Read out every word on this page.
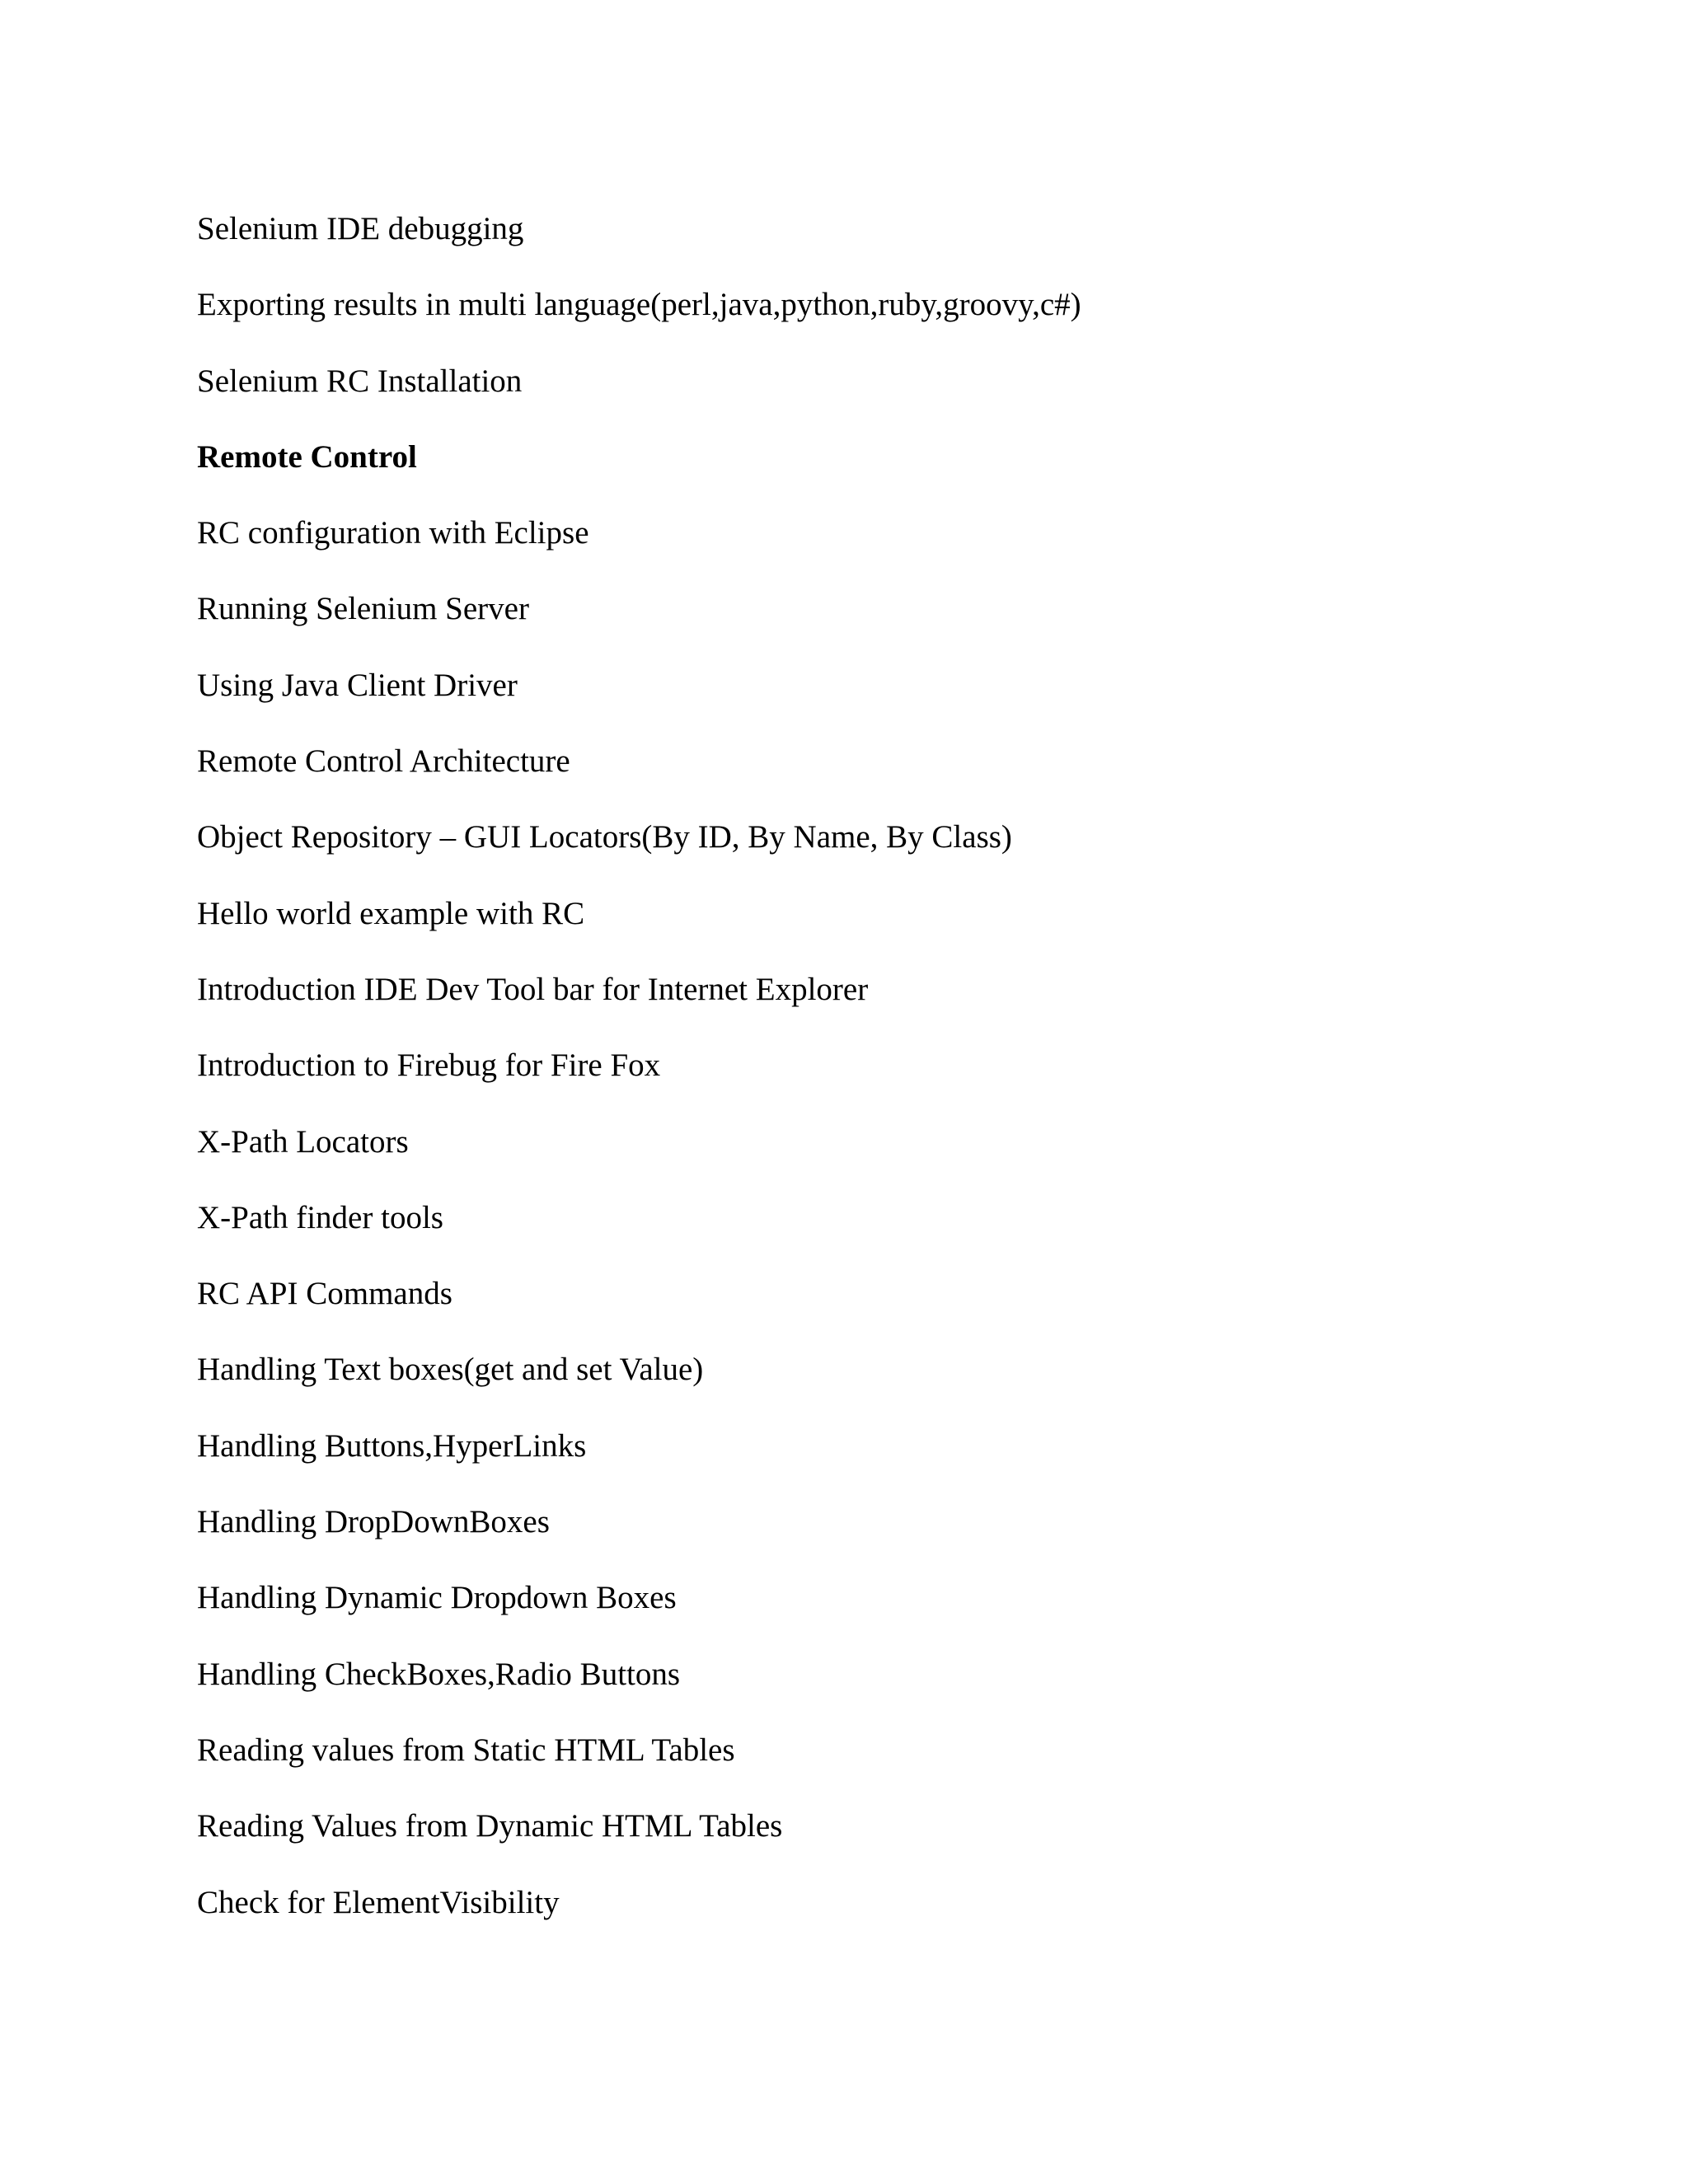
Selenium IDE debugging
Exporting results in multi language(perl,java,python,ruby,groovy,c#)
Selenium RC Installation
Remote Control
RC configuration with Eclipse
Running Selenium Server
Using Java Client Driver
Remote Control Architecture
Object Repository – GUI Locators(By ID, By Name, By Class)
Hello world example with RC
Introduction IDE Dev Tool bar for Internet Explorer
Introduction to Firebug for Fire Fox
X-Path Locators
X-Path finder tools
RC API Commands
Handling Text boxes(get and set Value)
Handling Buttons,HyperLinks
Handling DropDownBoxes
Handling Dynamic Dropdown Boxes
Handling CheckBoxes,Radio Buttons
Reading values from Static HTML Tables
Reading Values from Dynamic HTML Tables
Check for ElementVisibility
